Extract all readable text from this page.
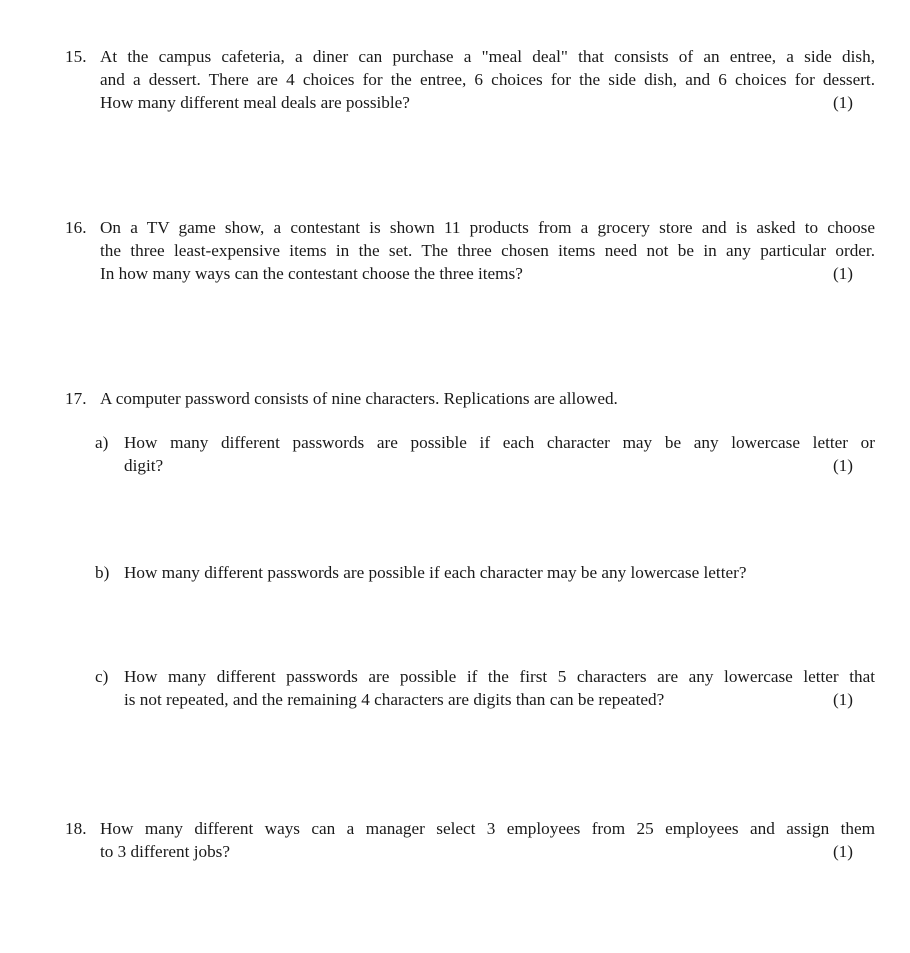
15. At the campus cafeteria, a diner can purchase a "meal deal" that consists of an entree, a side dish,
and a dessert. There are 4 choices for the entree, 6 choices for the side dish, and 6 choices for dessert.
How many different meal deals are possible?	(1)
16. On a TV game show, a contestant is shown 11 products from a grocery store and is asked to choose
the three least-expensive items in the set. The three chosen items need not be in any particular order.
In how many ways can the contestant choose the three items?	(1)
17. A computer password consists of nine characters. Replications are allowed.
a) How many different passwords are possible if each character may be any lowercase letter or
digit?	(1)
b) How many different passwords are possible if each character may be any lowercase letter?
c) How many different passwords are possible if the first 5 characters are any lowercase letter that
is not repeated, and the remaining 4 characters are digits than can be repeated?	(1)
18. How many different ways can a manager select 3 employees from 25 employees and assign them
to 3 different jobs?	(1)
